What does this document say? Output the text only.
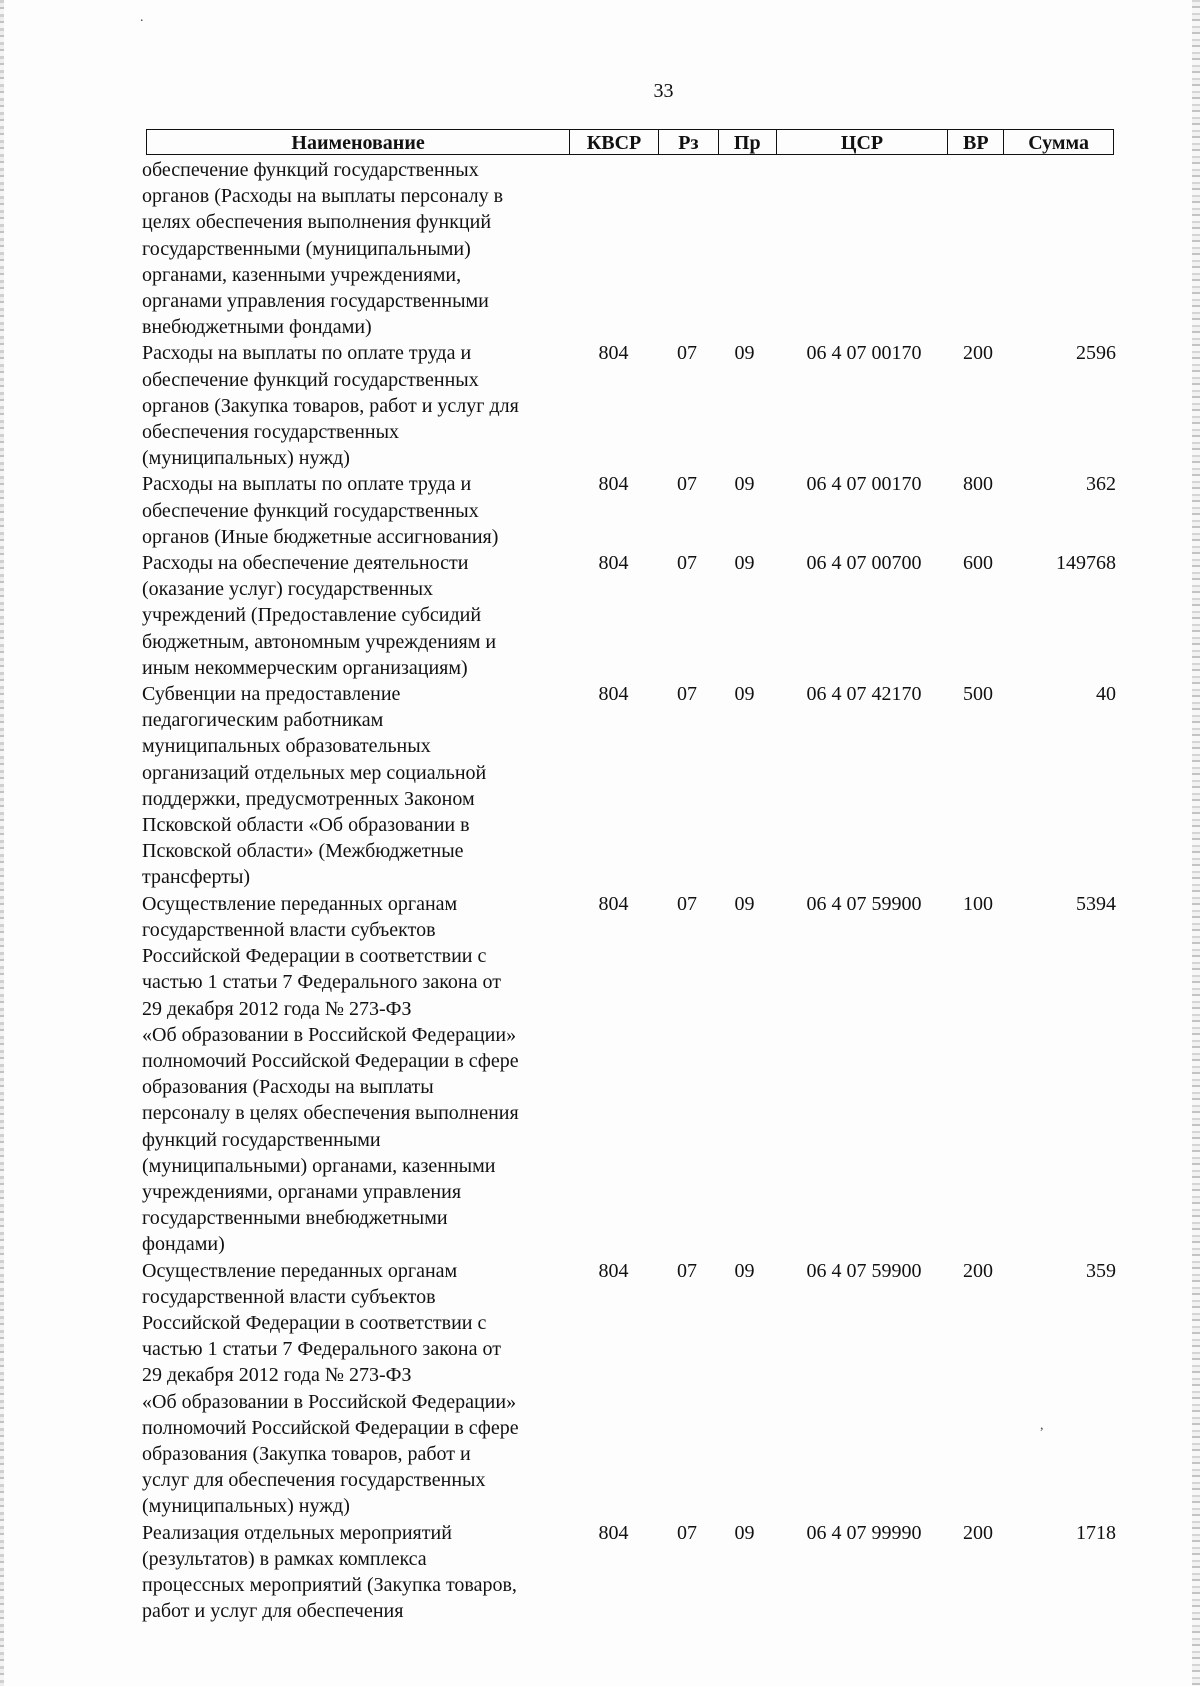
33
Наименование	КВСР	Рз	Пр	ЦСР	ВР	Сумма
обеспечение функций государственных
органов (Расходы на выплаты персоналу в
целях обеспечения выполнения функций
государственными (муниципальными)
органами, казенными учреждениями,
органами управления государственными
внебюджетными фондами)
Расходы на выплаты по оплате труда и
обеспечение функций государственных
органов (Закупка товаров, работ и услуг для
обеспечения государственных
(муниципальных) нужд)
804	07	09	06 4 07 00170	200	2596
Расходы на выплаты по оплате труда и
обеспечение функций государственных
органов (Иные бюджетные ассигнования)
804	07	09	06 4 07 00170	800	362
Расходы на обеспечение деятельности
(оказание услуг) государственных
учреждений (Предоставление субсидий
бюджетным, автономным учреждениям и
иным некоммерческим организациям)
804	07	09	06 4 07 00700	600	149768
Субвенции на предоставление
педагогическим работникам
муниципальных образовательных
организаций отдельных мер социальной
поддержки, предусмотренных Законом
Псковской области «Об образовании в
Псковской области» (Межбюджетные
трансферты)
804	07	09	06 4 07 42170	500	40
Осуществление переданных органам
государственной власти субъектов
Российской Федерации в соответствии с
частью 1 статьи 7 Федерального закона от
29 декабря 2012 года № 273-ФЗ
«Об образовании в Российской Федерации»
полномочий Российской Федерации в сфере
образования (Расходы на выплаты
персоналу в целях обеспечения выполнения
функций государственными
(муниципальными) органами, казенными
учреждениями, органами управления
государственными внебюджетными
фондами)
804	07	09	06 4 07 59900	100	5394
Осуществление переданных органам
государственной власти субъектов
Российской Федерации в соответствии с
частью 1 статьи 7 Федерального закона от
29 декабря 2012 года № 273-ФЗ
«Об образовании в Российской Федерации»
полномочий Российской Федерации в сфере
образования (Закупка товаров, работ и
услуг для обеспечения государственных
(муниципальных) нужд)
804	07	09	06 4 07 59900	200	359
Реализация отдельных мероприятий
(результатов) в рамках комплекса
процессных мероприятий (Закупка товаров,
работ и услуг для обеспечения
804	07	09	06 4 07 99990	200	1718
.
,
